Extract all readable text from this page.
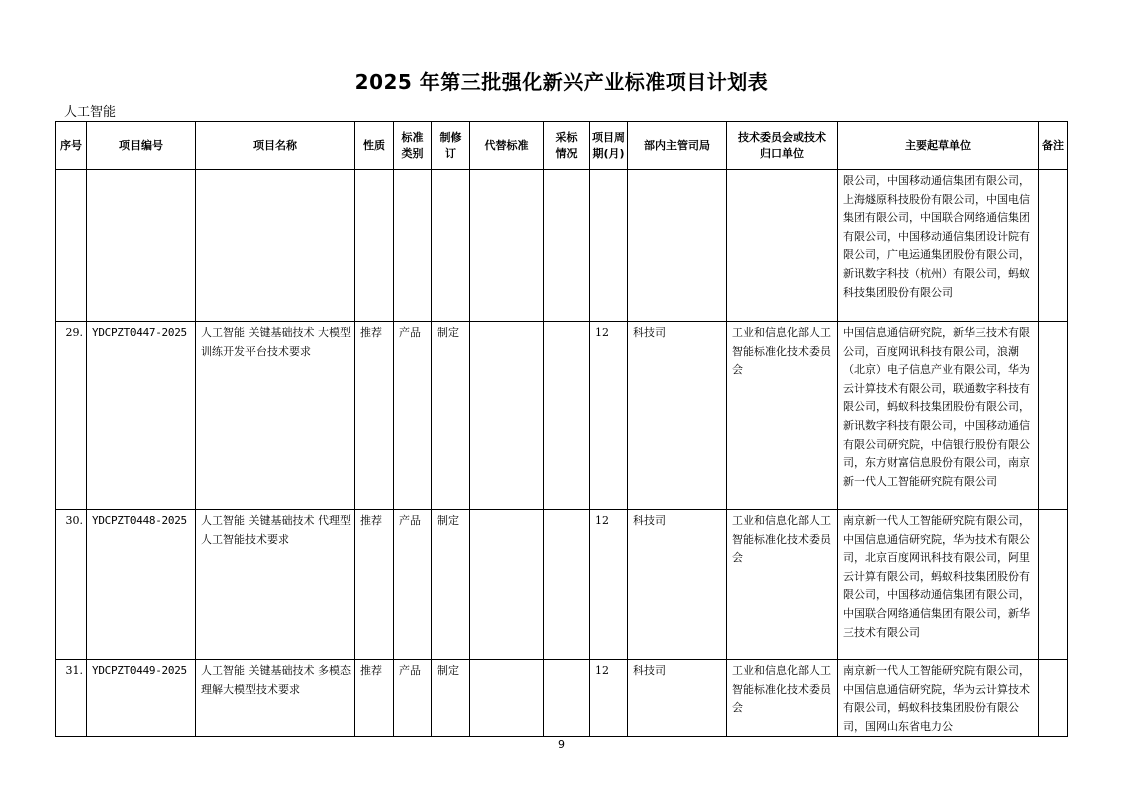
2025 年第三批强化新兴产业标准项目计划表
人工智能
序号	项目编号	项目名称	性质	标准类别	制修订	代替标准	采标情况	项目周期(月)	部内主管司局	技术委员会或技术归口单位	主要起草单位	备注

											限公司，中国移动通信集团有限公司，上海燧原科技股份有限公司，中国电信集团有限公司，中国联合网络通信集团有限公司，中国移动通信集团设计院有限公司，广电运通集团股份有限公司，新讯数字科技（杭州）有限公司，蚂蚁科技集团股份有限公司	
29.	YDCPZT0447-2025	人工智能 关键基础技术 大模型训练开发平台技术要求	推荐	产品	制定			12	科技司	工业和信息化部人工智能标准化技术委员会	中国信息通信研究院，新华三技术有限公司，百度网讯科技有限公司，浪潮（北京）电子信息产业有限公司，华为云计算技术有限公司，联通数字科技有限公司，蚂蚁科技集团股份有限公司，新讯数字科技有限公司，中国移动通信有限公司研究院，中信银行股份有限公司，东方财富信息股份有限公司，南京新一代人工智能研究院有限公司	
30.	YDCPZT0448-2025	人工智能 关键基础技术 代理型人工智能技术要求	推荐	产品	制定			12	科技司	工业和信息化部人工智能标准化技术委员会	南京新一代人工智能研究院有限公司，中国信息通信研究院，华为技术有限公司，北京百度网讯科技有限公司，阿里云计算有限公司，蚂蚁科技集团股份有限公司，中国移动通信集团有限公司，中国联合网络通信集团有限公司，新华三技术有限公司	
31.	YDCPZT0449-2025	人工智能 关键基础技术 多模态理解大模型技术要求	推荐	产品	制定			12	科技司	工业和信息化部人工智能标准化技术委员会	南京新一代人工智能研究院有限公司，中国信息通信研究院，华为云计算技术有限公司，蚂蚁科技集团股份有限公司，国网山东省电力公	
9
